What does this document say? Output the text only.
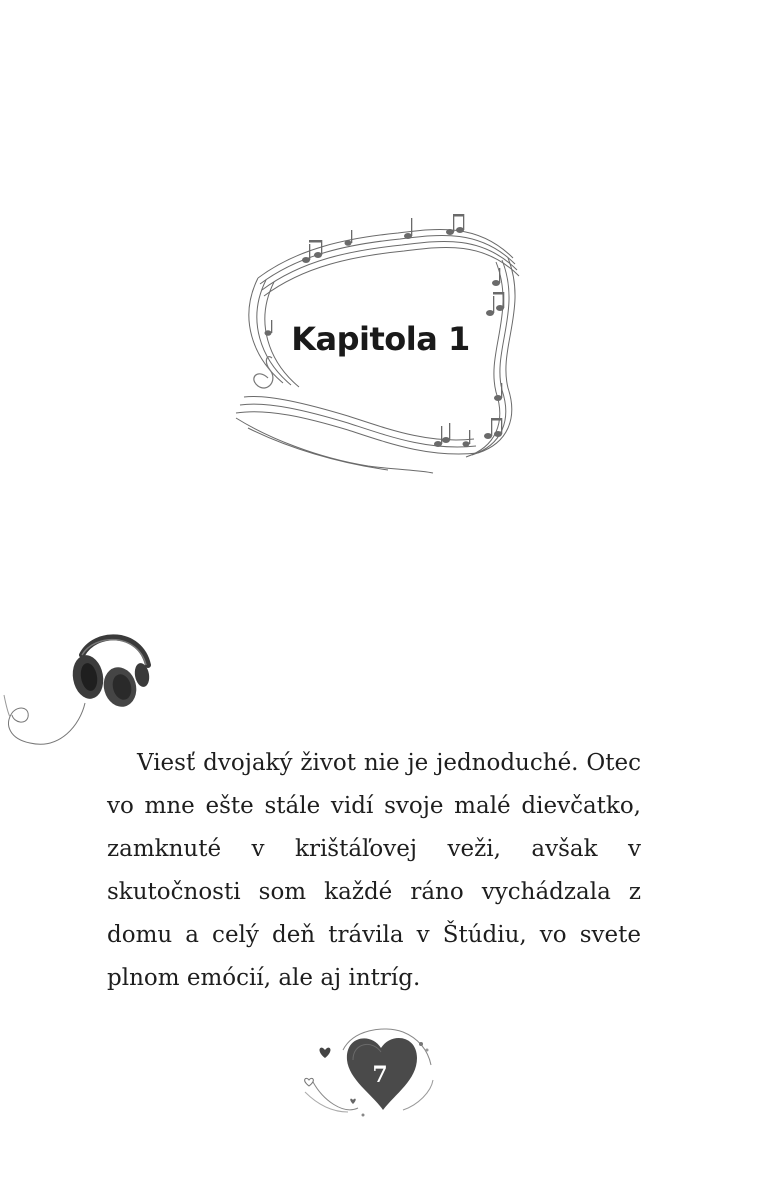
Kapitola 1

Viesť dvojaký život nie je jednoduché. Otec vo mne ešte stále vidí svoje malé dievčatko, zamknuté v krištáľovej veži, avšak v skutočnosti som každé ráno vychádzala z domu a celý deň trávila v Štúdiu, vo svete plnom emócií, ale aj intríg.

7
